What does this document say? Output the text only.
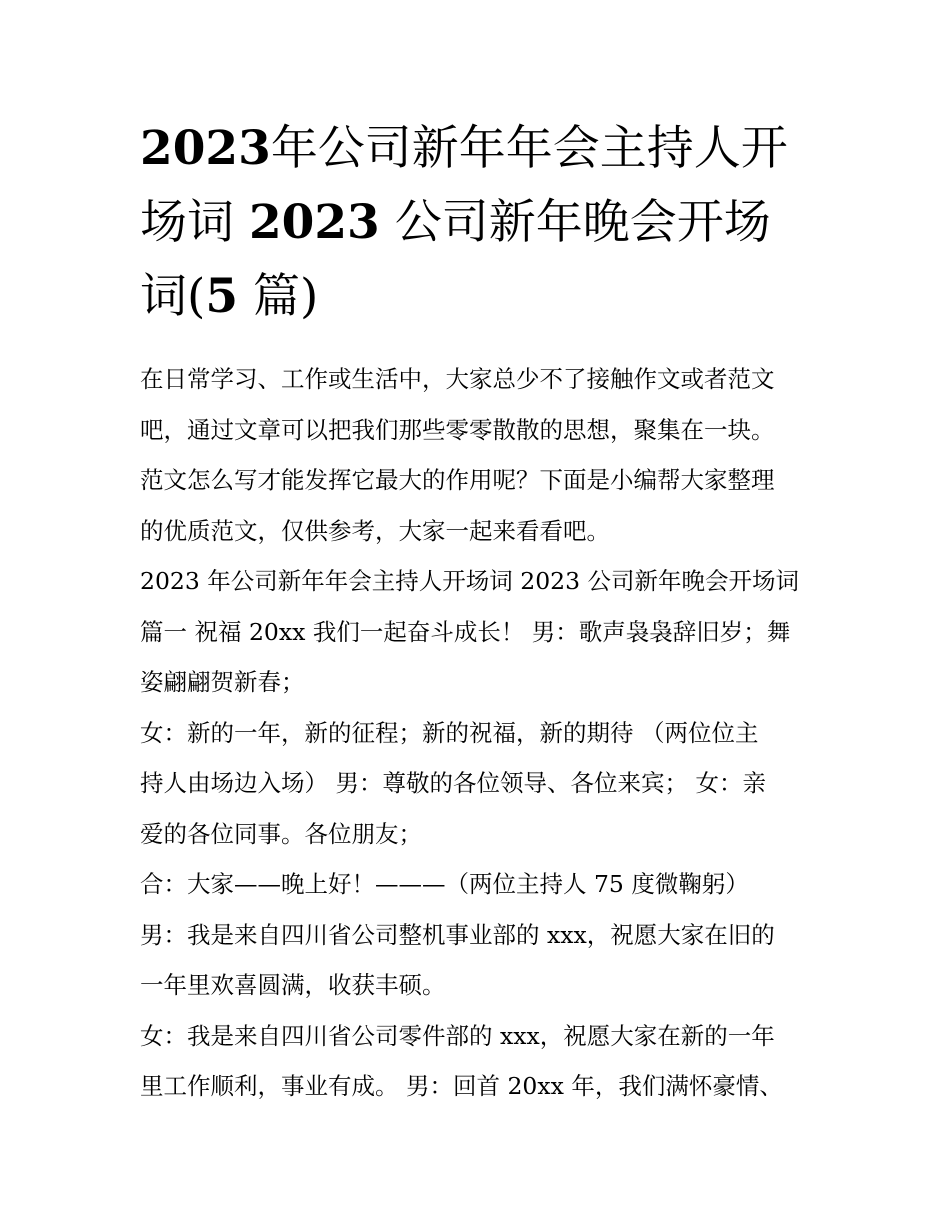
2023年公司新年年会主持人开
场词 2023 公司新年晚会开场
词(5 篇)
在日常学习、工作或生活中，大家总少不了接触作文或者范文
吧，通过文章可以把我们那些零零散散的思想，聚集在一块。
范文怎么写才能发挥它最大的作用呢？下面是小编帮大家整理
的优质范文，仅供参考，大家一起来看看吧。
2023 年公司新年年会主持人开场词 2023 公司新年晚会开场词
篇一 祝福 20xx 我们一起奋斗成长！ 男：歌声袅袅辞旧岁；舞
姿翩翩贺新春；
女：新的一年，新的征程；新的祝福，新的期待 （两位位主
持人由场边入场） 男：尊敬的各位领导、各位来宾； 女：亲
爱的各位同事。各位朋友；
合：大家——晚上好！———（两位主持人 75 度微鞠躬）
男：我是来自四川省公司整机事业部的 xxx，祝愿大家在旧的
一年里欢喜圆满，收获丰硕。
女：我是来自四川省公司零件部的 xxx，祝愿大家在新的一年
里工作顺利，事业有成。 男：回首 20xx 年，我们满怀豪情、
